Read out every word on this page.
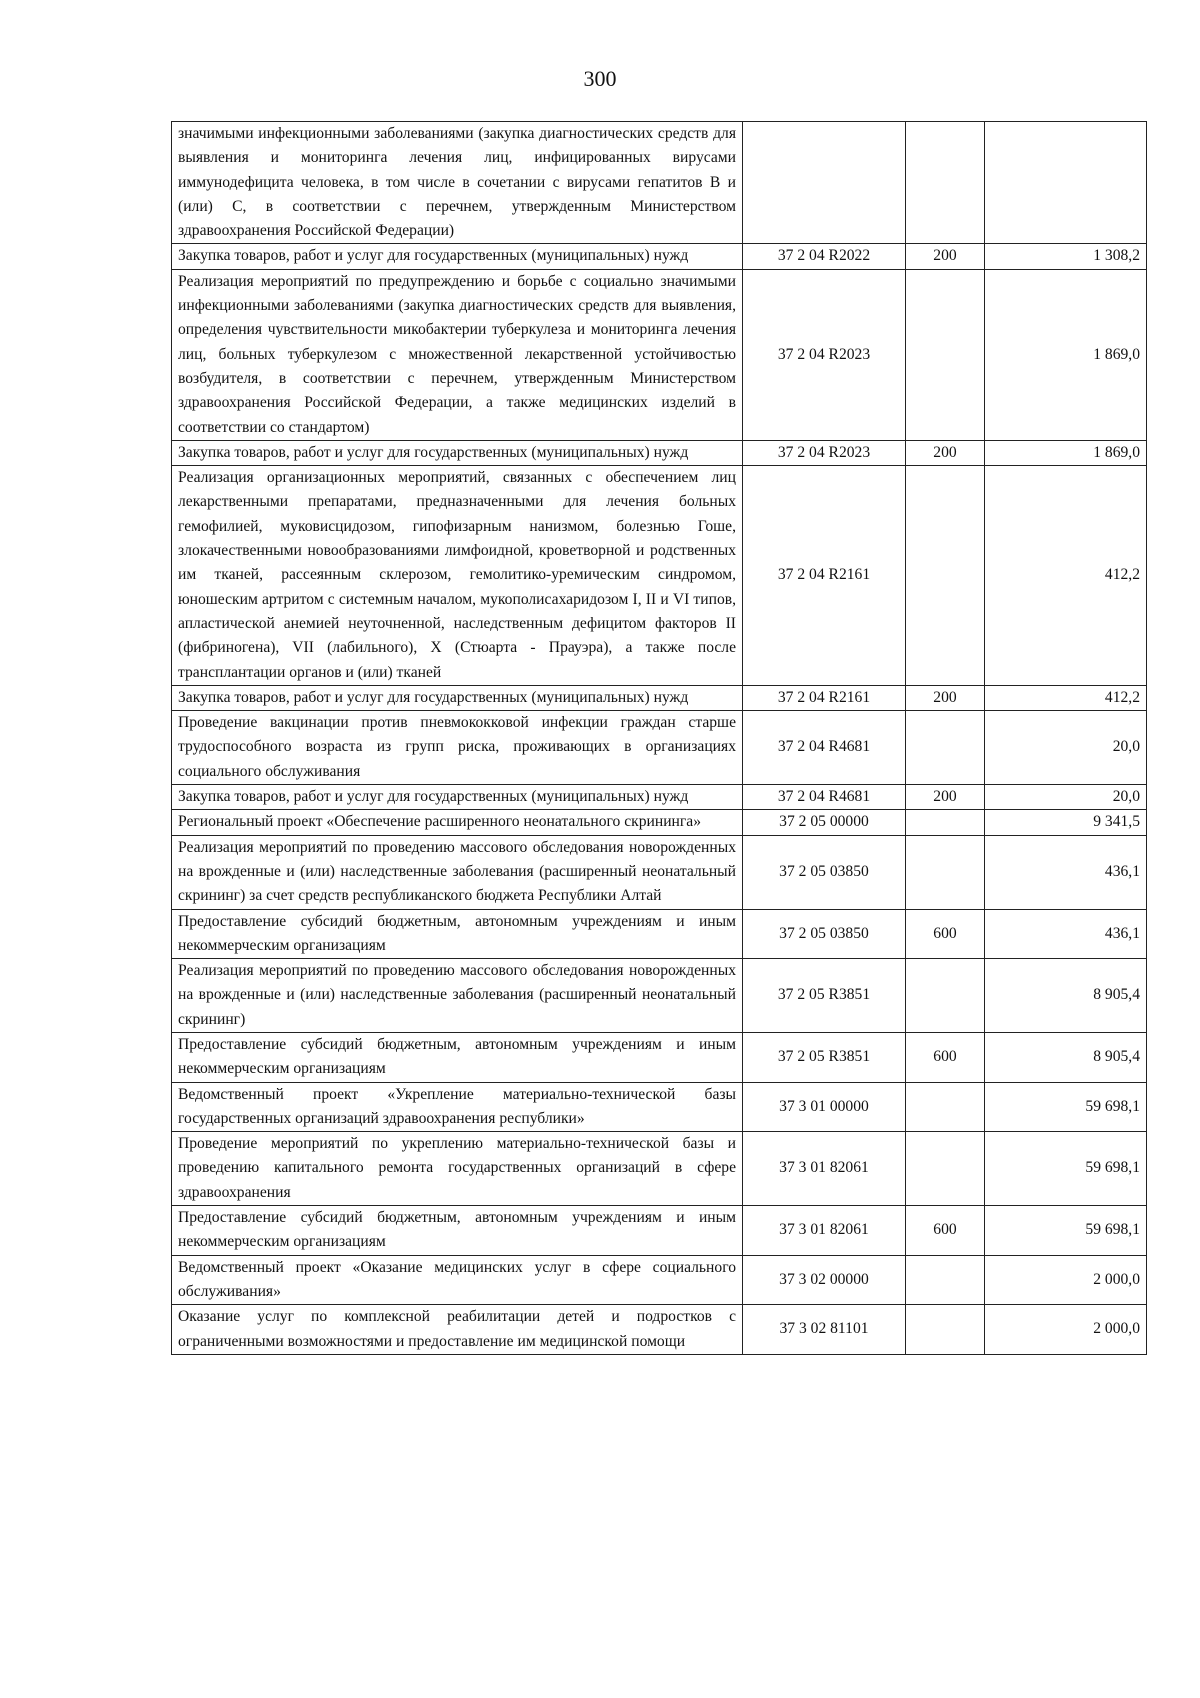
300
значимыми инфекционными заболеваниями (закупка диагностических средств для выявления и мониторинга лечения лиц, инфицированных вирусами иммунодефицита человека, в том числе в сочетании с вирусами гепатитов B и (или) C, в соответствии с перечнем, утвержденным Министерством здравоохранения Российской Федерации)			
Закупка товаров, работ и услуг для государственных (муниципальных) нужд	37 2 04 R2022	200	1 308,2
Реализация мероприятий по предупреждению и борьбе с социально значимыми инфекционными заболеваниями (закупка диагностических средств для выявления, определения чувствительности микобактерии туберкулеза и мониторинга лечения лиц, больных туберкулезом с множественной лекарственной устойчивостью возбудителя, в соответствии с перечнем, утвержденным Министерством здравоохранения Российской Федерации, а также медицинских изделий в соответствии со стандартом)	37 2 04 R2023		1 869,0
Закупка товаров, работ и услуг для государственных (муниципальных) нужд	37 2 04 R2023	200	1 869,0
Реализация организационных мероприятий, связанных с обеспечением лиц лекарственными препаратами, предназначенными для лечения больных гемофилией, муковисцидозом, гипофизарным нанизмом, болезнью Гоше, злокачественными новообразованиями лимфоидной, кроветворной и родственных им тканей, рассеянным склерозом, гемолитико-уремическим синдромом, юношеским артритом с системным началом, мукополисахаридозом I, II и VI типов, апластической анемией неуточненной, наследственным дефицитом факторов II (фибриногена), VII (лабильного), X (Стюарта - Прауэра), а также после трансплантации органов и (или) тканей	37 2 04 R2161		412,2
Закупка товаров, работ и услуг для государственных (муниципальных) нужд	37 2 04 R2161	200	412,2
Проведение вакцинации против пневмококковой инфекции граждан старше трудоспособного возраста из групп риска, проживающих в организациях социального обслуживания	37 2 04 R4681		20,0
Закупка товаров, работ и услуг для государственных (муниципальных) нужд	37 2 04 R4681	200	20,0
Региональный проект «Обеспечение расширенного неонатального скрининга»	37 2 05 00000		9 341,5
Реализация мероприятий по проведению массового обследования новорожденных на врожденные и (или) наследственные заболевания (расширенный неонатальный скрининг) за счет средств республиканского бюджета Республики Алтай	37 2 05 03850		436,1
Предоставление субсидий бюджетным, автономным учреждениям и иным некоммерческим организациям	37 2 05 03850	600	436,1
Реализация мероприятий по проведению массового обследования новорожденных на врожденные и (или) наследственные заболевания (расширенный неонатальный скрининг)	37 2 05 R3851		8 905,4
Предоставление субсидий бюджетным, автономным учреждениям и иным некоммерческим организациям	37 2 05 R3851	600	8 905,4
Ведомственный проект «Укрепление материально-технической базы государственных организаций здравоохранения республики»	37 3 01 00000		59 698,1
Проведение мероприятий по укреплению материально-технической базы и проведению капитального ремонта государственных организаций в сфере здравоохранения	37 3 01 82061		59 698,1
Предоставление субсидий бюджетным, автономным учреждениям и иным некоммерческим организациям	37 3 01 82061	600	59 698,1
Ведомственный проект «Оказание медицинских услуг в сфере социального обслуживания»	37 3 02 00000		2 000,0
Оказание услуг по комплексной реабилитации детей и подростков с ограниченными возможностями и предоставление им медицинской помощи	37 3 02 81101		2 000,0
